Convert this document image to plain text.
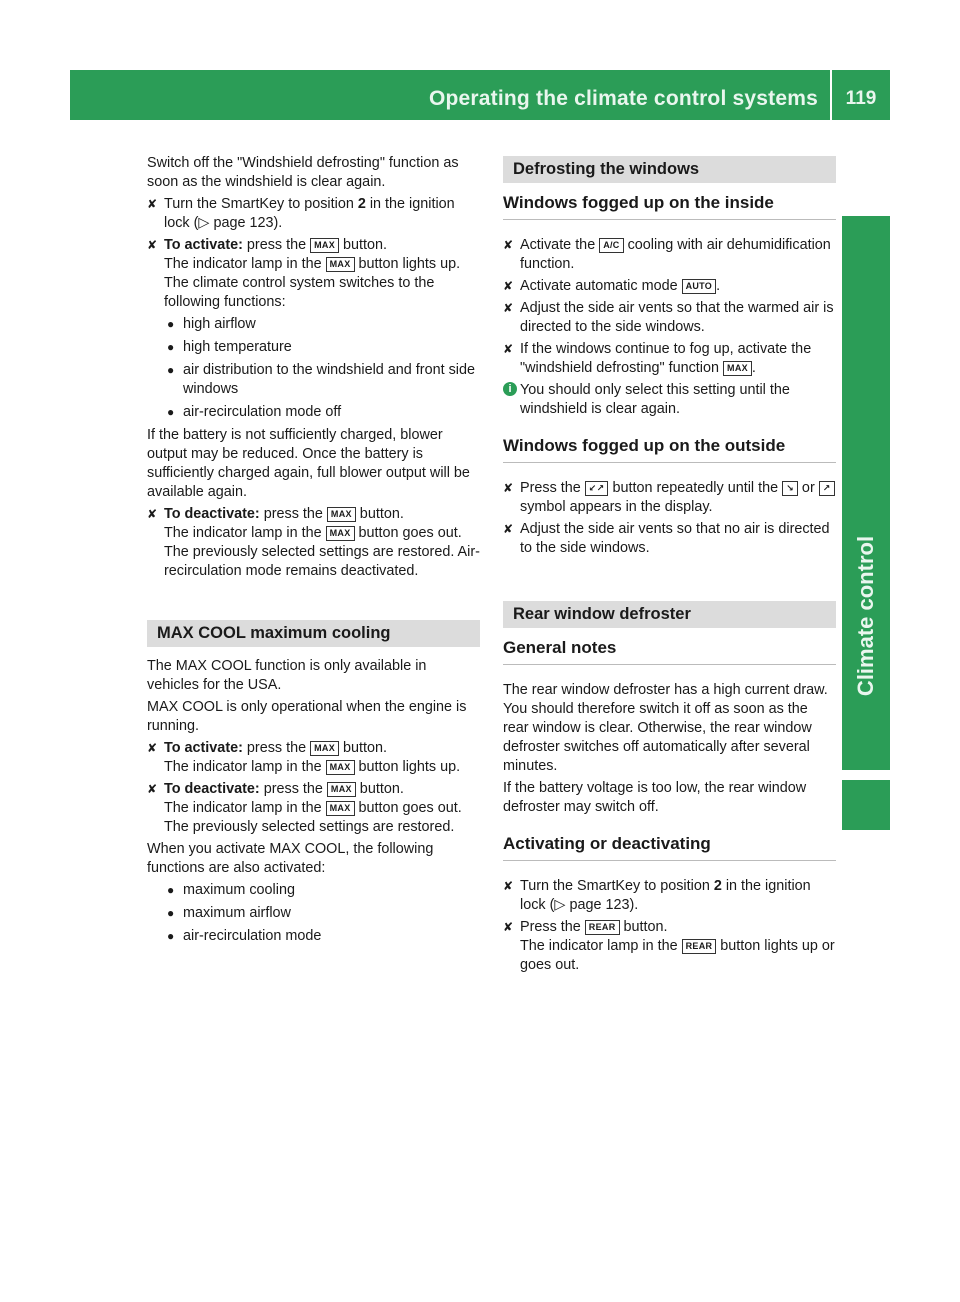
Operating the climate control systems	119
Climate control

Switch off the "Windshield defrosting" function as soon as the windshield is clear again.

✘ Turn the SmartKey to position 2 in the ignition lock (▷ page 123).
✘ To activate: press the MAX button.
The indicator lamp in the MAX button lights up.
The climate control system switches to the following functions:
● high airflow
● high temperature
● air distribution to the windshield and front side windows
● air-recirculation mode off

If the battery is not sufficiently charged, blower output may be reduced. Once the battery is sufficiently charged again, full blower output will be available again.

✘ To deactivate: press the MAX button.
The indicator lamp in the MAX button goes out. The previously selected settings are restored. Air-recirculation mode remains deactivated.
MAX COOL maximum cooling

The MAX COOL function is only available in vehicles for the USA.

MAX COOL is only operational when the engine is running.

✘ To activate: press the MAX button.
The indicator lamp in the MAX button lights up.
✘ To deactivate: press the MAX button.
The indicator lamp in the MAX button goes out. The previously selected settings are restored.

When you activate MAX COOL, the following functions are also activated:

● maximum cooling
● maximum airflow
● air-recirculation mode
Defrosting the windows
Windows fogged up on the inside
✘ Activate the A/C cooling with air dehumidification function.
✘ Activate automatic mode AUTO .
✘ Adjust the side air vents so that the warmed air is directed to the side windows.
✘ If the windows continue to fog up, activate the "windshield defrosting" function MAX .
i You should only select this setting until the windshield is clear again.
Windows fogged up on the outside
✘ Press the ↙↗ button repeatedly until the ↘ or ↗ symbol appears in the display.
✘ Adjust the side air vents so that no air is directed to the side windows.
Rear window defroster
General notes

The rear window defroster has a high current draw. You should therefore switch it off as soon as the rear window is clear. Otherwise, the rear window defroster switches off automatically after several minutes.

If the battery voltage is too low, the rear window defroster may switch off.

Activating or deactivating
✘ Turn the SmartKey to position 2 in the ignition lock (▷ page 123).
✘ Press the REAR button.
The indicator lamp in the REAR button lights up or goes out.
